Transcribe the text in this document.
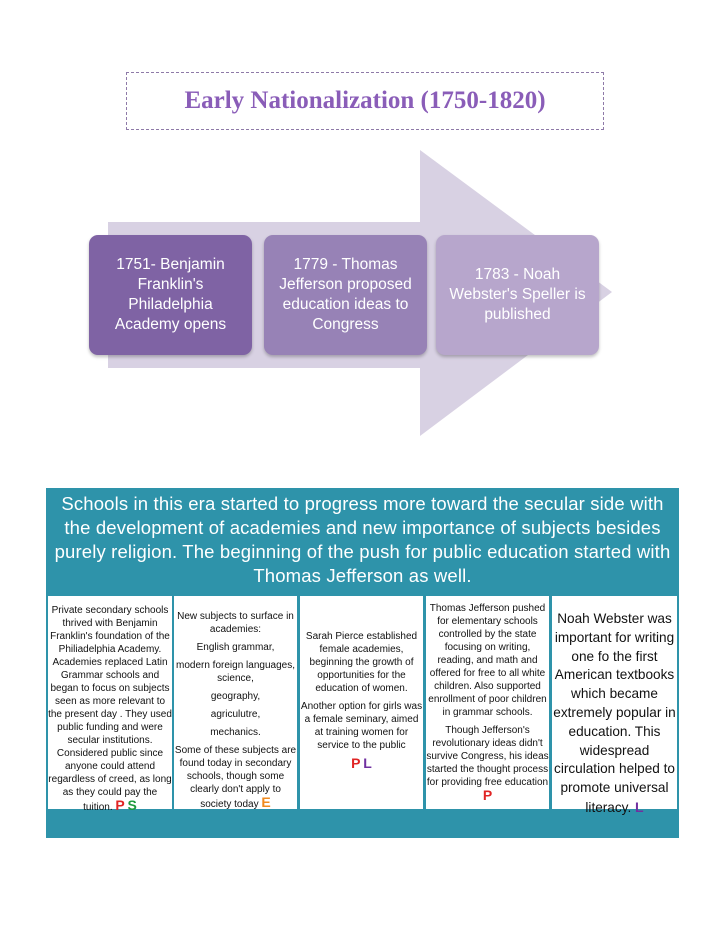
Early Nationalization (1750-1820)
1751- Benjamin Franklin's Philadelphia Academy opens
1779 - Thomas Jefferson proposed education ideas to Congress
1783 - Noah Webster's Speller is published
Schools in this era started to progress more toward the secular side with the development of academies and new importance of subjects besides purely religion. The beginning of the push for public education started with Thomas Jefferson as well.
Private secondary schools thrived with Benjamin Franklin's foundation of the Philiadelphia Academy. Academies replaced Latin Grammar schools and began to focus on subjects seen as more relevant to the present day . They used public funding and were secular institutions. Considered public since anyone could attend regardless of creed, as long as they could pay the tuition. P S
New subjects to surface in academies:
English grammar,
modern foreign languages, science,
geography,
agriculutre,
mechanics.
Some of these subjects are found today in secondary schools, though some clearly don't apply to society today E
Sarah Pierce established female academies, beginning the growth of opportunities for the education of women.
Another option for girls was a female seminary, aimed at training women for service to the public
P L
Thomas Jefferson pushed for elementary schools controlled by the state focusing on writing, reading, and math and offered for free to all white children. Also supported enrollment of poor children in grammar schools.
Though Jefferson's revolutionary ideas didn't survive Congress, his ideas started the thought process for providing free education P
Noah Webster was important for writing one fo the first American textbooks which became extremely popular in education. This widespread circulation helped to promote universal literacy. L
